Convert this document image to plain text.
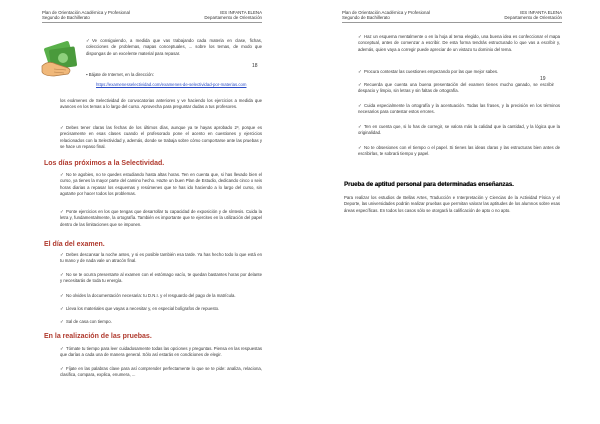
Plan de Orientación Académica y Profesional
Segundo de Bachillerato
IES INFANTA ELENA
Departamento de Orientación

✓ Ve consiguiendo, a medida que vas trabajando cada materia en clase, fichas, colecciones de problemas, mapas conceptuales, ... sobre los temas, de modo que dispongas de un excelente material para repasar.

18

▪ Bájate de Internet, en la dirección:

https://examenesselectividad.com/examenes-de-selectividad-por-materias.com

los exámenes de Selectividad de convocatorias anteriores y ve haciendo los ejercicios a medida que avances en los temas a lo largo del curso. Aprovecha para preguntar dudas a tus profesores.

✓ Debes tener claras las fechas de los últimos días, aunque ya te hayas aprobado 2º, porque es precisamente en esas clases cuando el profesorado pone el acento en cuestiones y ejercicios relacionados con la Selectividad y, además, donde se trabaja sobre cómo comportarse ante las pruebas y se hace un repaso final.

Los días próximos a la Selectividad.

✓ No te agobies, no te quedes estudiando hasta altas horas. Ten en cuenta que, si has llevado bien el curso, ya tienes la mayor parte del camino hecho. Hazte un buen Plan de Estudio, dedicando cinco o seis horas diarias a repasar los esquemas y resúmenes que te has ido haciendo a lo largo del curso, sin agotarte por hacer todos los problemas.

✓ Ponte ejercicios en los que tengas que desarrollar tu capacidad de exposición y de síntesis. Cuida la letra y, fundamentalmente, la ortografía. También es importante que te ejercites en la utilización del papel dentro de las limitaciones que se imponen.

El día del examen.

✓ Debes descansar la noche antes, y si es posible también esa tarde. Ya has hecho todo lo que está en tu mano y de nada vale un atracón final.

✓ No se te ocurra presentarte al examen con el estómago vacío, te quedan bastantes horas por delante y necesitarás de toda tu energía.

✓ No olvides la documentación necesaria: tu D.N.I. y el resguardo del pago de la matrícula.

✓ Lleva los materiales que vayas a necesitar y, en especial bolígrafos de repuesto.

✓ Sal de casa con tiempo.

En la realización de las pruebas.

✓ Tómate tu tiempo para leer cuidadosamente todas las opciones y preguntas. Piensa en las respuestas que darías a cada una de manera general. Sólo así estarás en condiciones de elegir.

✓ Fíjate en las palabras clave para así comprender perfectamente lo que se te pide: analiza, relaciona, clasifica, compara, explica, enumera, ...

Plan de Orientación Académica y Profesional
Segundo de Bachillerato
IES INFANTA ELENA
Departamento de Orientación

✓ Haz un esquema mentalmente o en la hoja al tema elegido, una buena idea es confeccionar el mapa conceptual, antes de comenzar a escribir. De esta forma tendrás estructurado lo que vas a escribir y, además, quien vaya a corregir puede apreciar de un vistazo tu dominio del tema.

✓ Procura contestar las cuestiones empezando por las que mejor sabes.

19

✓ Recuerda que cuenta una buena presentación del examen tienes mucho ganado, se escribir despacio y limpio, sin letras y sin faltas de ortografía.

✓ Cuida especialmente la ortografía y la acentuación. Todas las frases, y la precisión en los términos necesarios para contestar estos errores.

✓ Ten en cuenta que, si lo has de corregir, se valora más la calidad que la cantidad, y la lógica que la originalidad.

✓ No te obsesiones con el tiempo o el papel. Si tienes las ideas claras y las estructuras bien antes de escribirlas, te sobrará tiempo y papel.

Prueba de aptitud personal para determinadas enseñanzas.

Para realizar los estudios de Bellas Artes, Traducción e Interpretación y Ciencias de la Actividad Física y el Deporte, las universidades podrán realizar pruebas que permitan valorar las aptitudes de los alumnos sobre esas áreas específicas. En todos los casos sólo se otorgará la calificación de apto o no apto.
